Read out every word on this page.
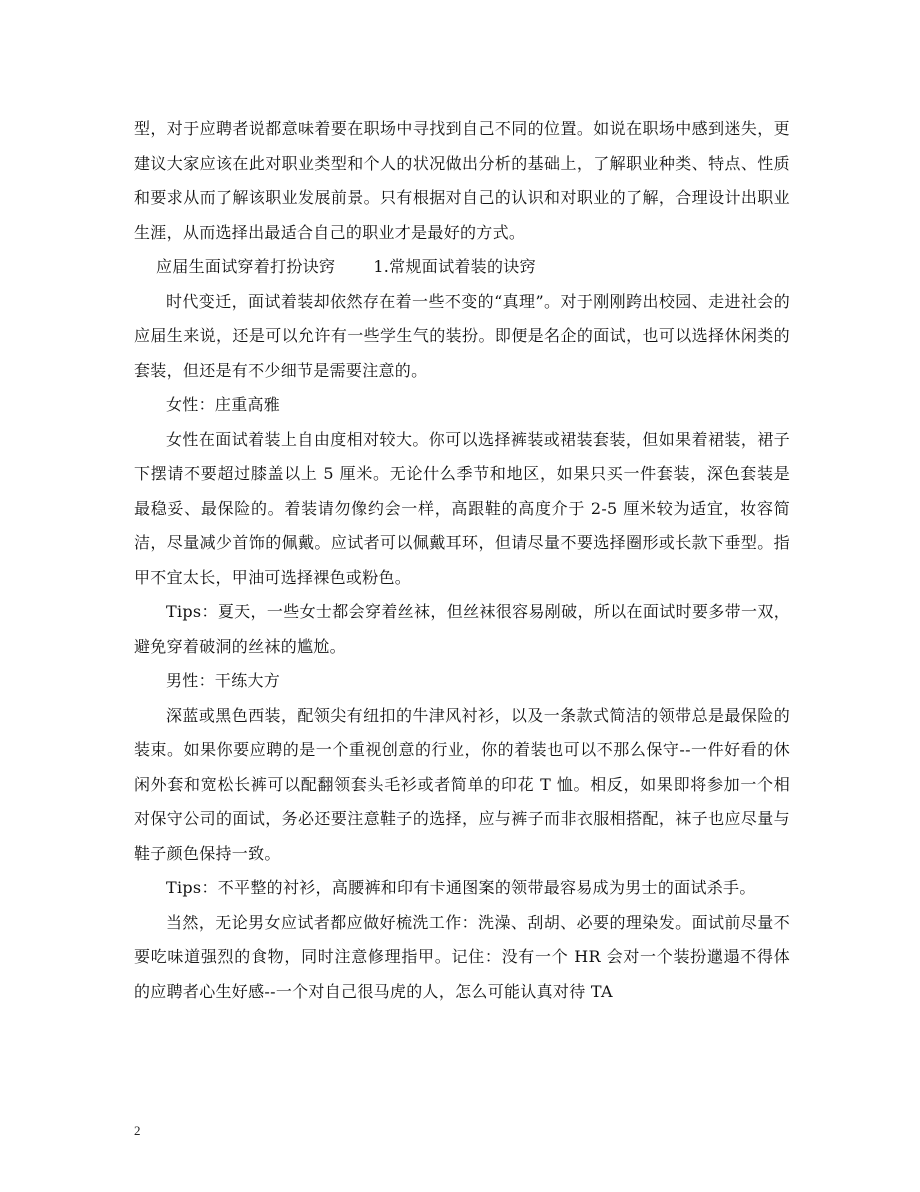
型，对于应聘者说都意味着要在职场中寻找到自己不同的位置。如说在职场中感到迷失，更建议大家应该在此对职业类型和个人的状况做出分析的基础上，了解职业种类、特点、性质和要求从而了解该职业发展前景。只有根据对自己的认识和对职业的了解，合理设计出职业生涯，从而选择出最适合自己的职业才是最好的方式。

应届生面试穿着打扮诀窍 1.常规面试着装的诀窍

时代变迁，面试着装却依然存在着一些不变的“真理”。对于刚刚跨出校园、走进社会的应届生来说，还是可以允许有一些学生气的装扮。即便是名企的面试，也可以选择休闲类的套装，但还是有不少细节是需要注意的。

女性：庄重高雅

女性在面试着装上自由度相对较大。你可以选择裤装或裙装套装，但如果着裙装，裙子下摆请不要超过膝盖以上 5 厘米。无论什么季节和地区，如果只买一件套装，深色套装是最稳妥、最保险的。着装请勿像约会一样，高跟鞋的高度介于 2-5 厘米较为适宜，妆容简洁，尽量减少首饰的佩戴。应试者可以佩戴耳环，但请尽量不要选择圈形或长款下垂型。指甲不宜太长，甲油可选择裸色或粉色。

Tips：夏天，一些女士都会穿着丝袜，但丝袜很容易剐破，所以在面试时要多带一双，避免穿着破洞的丝袜的尴尬。

男性：干练大方

深蓝或黑色西装，配领尖有纽扣的牛津风衬衫，以及一条款式简洁的领带总是最保险的装束。如果你要应聘的是一个重视创意的行业，你的着装也可以不那么保守--一件好看的休闲外套和宽松长裤可以配翻领套头毛衫或者简单的印花 T 恤。相反，如果即将参加一个相对保守公司的面试，务必还要注意鞋子的选择，应与裤子而非衣服相搭配，袜子也应尽量与鞋子颜色保持一致。

Tips：不平整的衬衫，高腰裤和印有卡通图案的领带最容易成为男士的面试杀手。

当然，无论男女应试者都应做好梳洗工作：洗澡、刮胡、必要的理染发。面试前尽量不要吃味道强烈的食物，同时注意修理指甲。记住：没有一个 HR 会对一个装扮邋遢不得体的应聘者心生好感--一个对自己很马虎的人，怎么可能认真对待 TA

2
